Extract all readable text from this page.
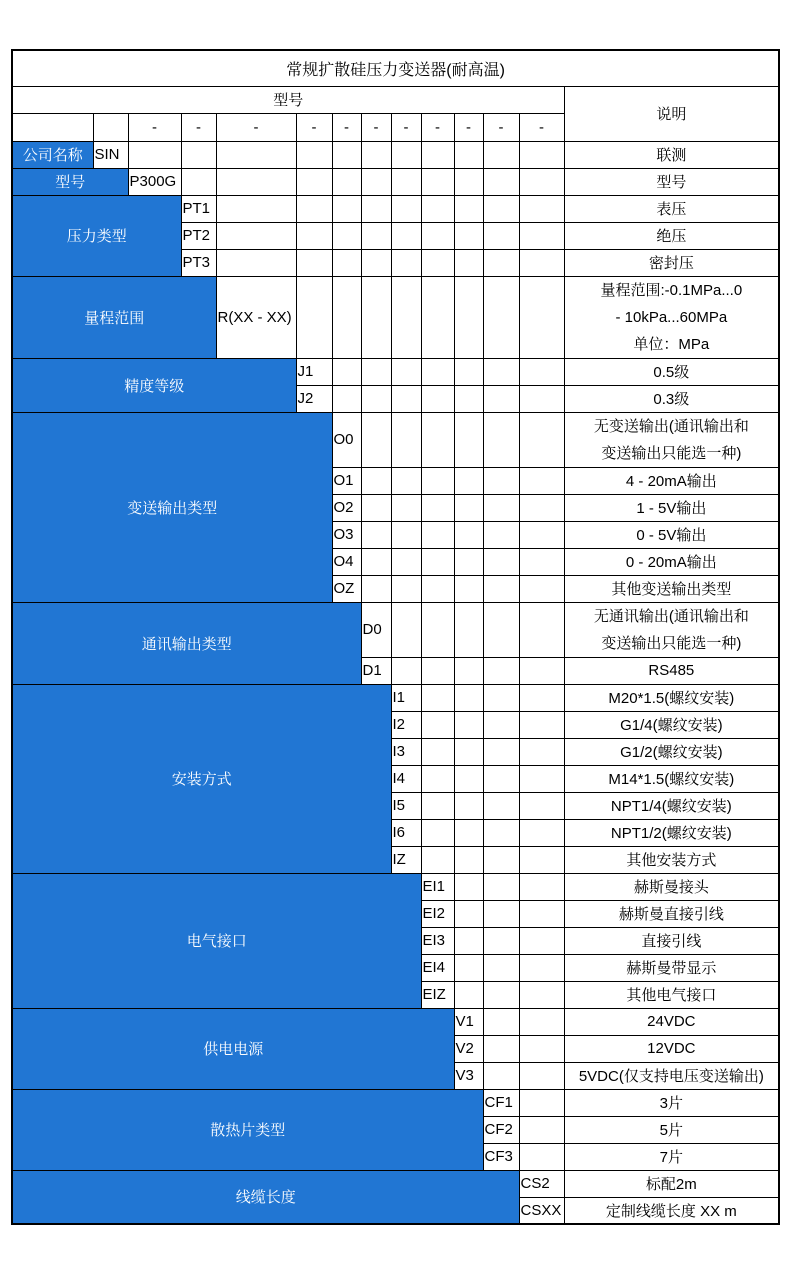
常规扩散硅压力变送器(耐高温)													
型号													说明
		-	-	-	-	-	-	-	-	-	-	-	
公司名称	SIN												联测
型号		P300G											型号
压力类型			PT1										表压
			PT2										绝压
			PT3										密封压
量程范围				R(XX - XX)									量程范围:-0.1MPa...0
- 10kPa...60MPa
单位：MPa

精度等级					J1								0.5级
					J2								0.3级
变送输出类型						O0							无变送输出(通讯输出和
变送输出只能选一种)

						O1							4 - 20mA输出
						O2							1 - 5V输出
						O3							0 - 5V输出
						O4							0 - 20mA输出
						OZ							其他变送输出类型
通讯输出类型							D0						无通讯输出(通讯输出和
变送输出只能选一种)

							D1						RS485
安装方式								I1					M20*1.5(螺纹安装)
								I2					G1/4(螺纹安装)
								I3					G1/2(螺纹安装)
								I4					M14*1.5(螺纹安装)
								I5					NPT1/4(螺纹安装)
								I6					NPT1/2(螺纹安装)
								IZ					其他安装方式
电气接口									EI1				赫斯曼接头
									EI2				赫斯曼直接引线
									EI3				直接引线
									EI4				赫斯曼带显示
									EIZ				其他电气接口
供电电源										V1			24VDC
										V2			12VDC
										V3			5VDC(仅支持电压变送输出)
散热片类型											CF1		3片
											CF2		5片
											CF3		7片
线缆长度												CS2	标配2m
												CSXX	定制线缆长度 XX m
